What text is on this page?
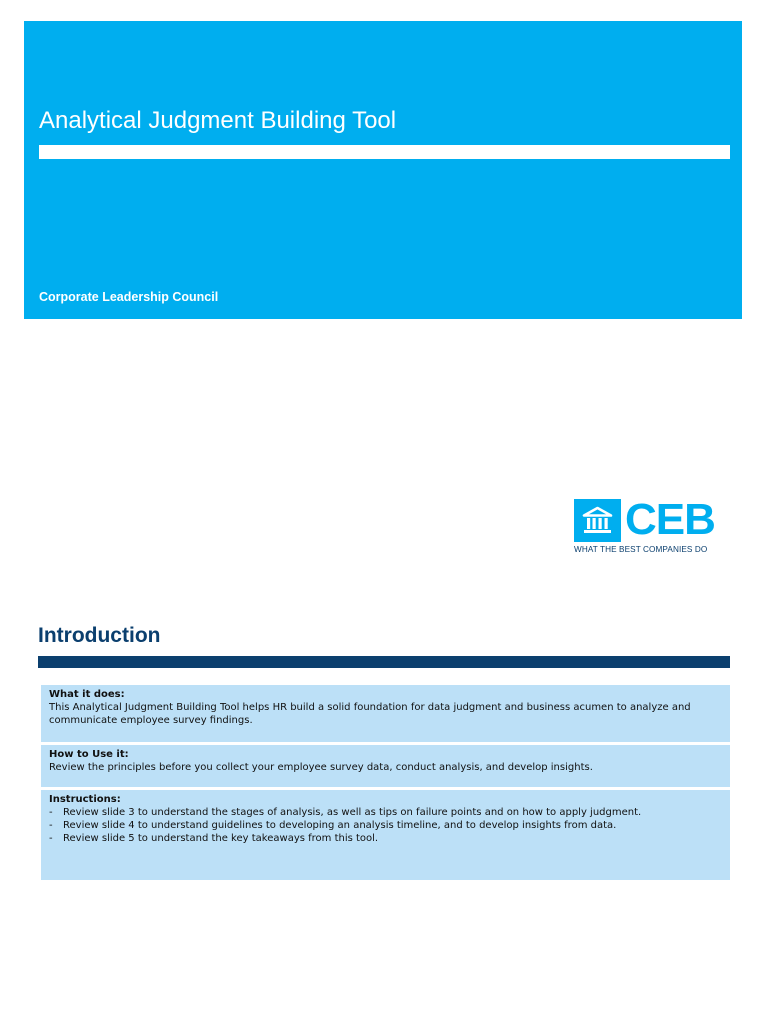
Analytical Judgment Building Tool
Corporate Leadership Council
CEB
WHAT THE BEST COMPANIES DO
Introduction
What it does:
This Analytical Judgment Building Tool helps HR build a solid foundation for data judgment and business acumen to analyze and communicate employee survey findings.
How to Use it:
Review the principles before you collect your employee survey data, conduct analysis, and develop insights.
Instructions:
- Review slide 3 to understand the stages of analysis, as well as tips on failure points and on how to apply judgment.
- Review slide 4 to understand guidelines to developing an analysis timeline, and to develop insights from data.
- Review slide 5 to understand the key takeaways from this tool.
